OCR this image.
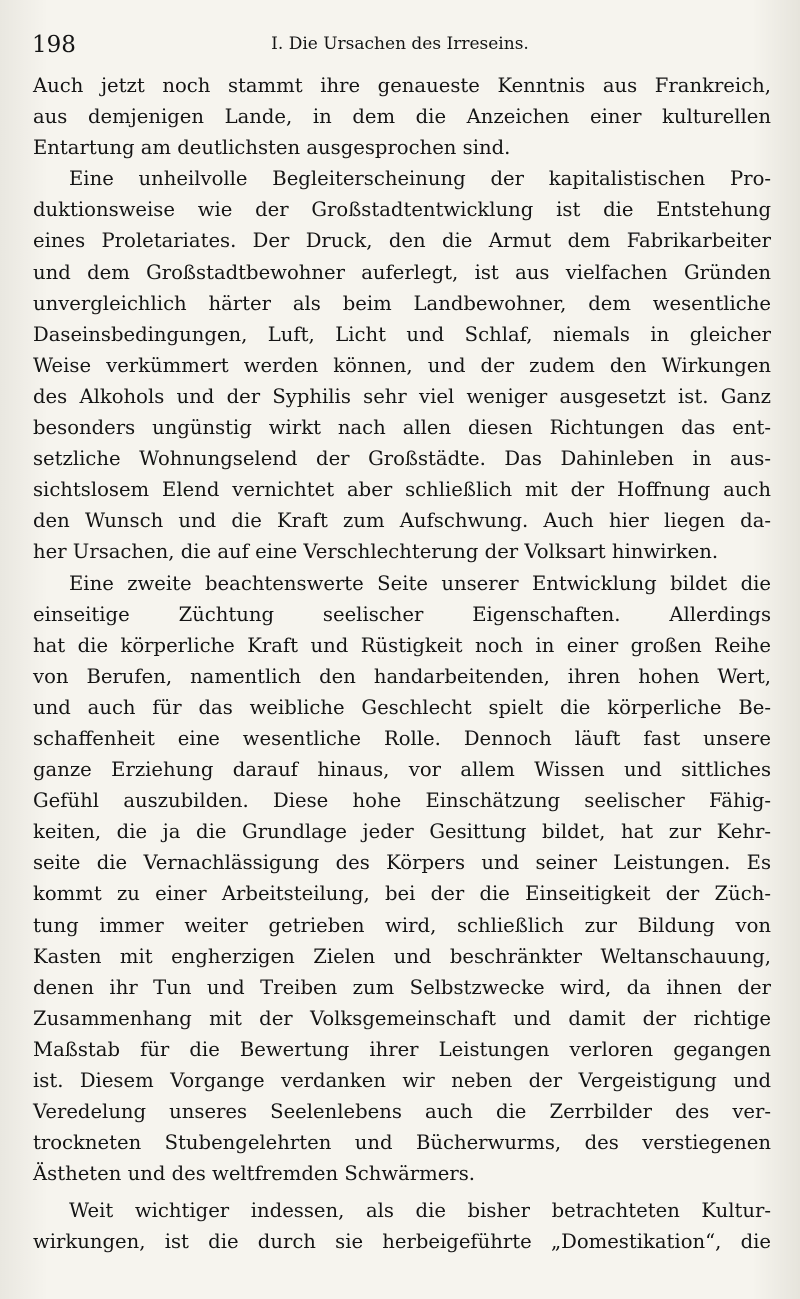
198	I. Die Ursachen des Irreseins.
Auch jetzt noch stammt ihre genaueste Kenntnis aus Frankreich,
aus demjenigen Lande, in dem die Anzeichen einer kulturellen
Entartung am deutlichsten ausgesprochen sind.
Eine unheilvolle Begleiterscheinung der kapitalistischen Pro-
duktionsweise wie der Großstadtentwicklung ist die Entstehung
eines Proletariates. Der Druck, den die Armut dem Fabrikarbeiter
und dem Großstadtbewohner auferlegt, ist aus vielfachen Gründen
unvergleichlich härter als beim Landbewohner, dem wesentliche
Daseinsbedingungen, Luft, Licht und Schlaf, niemals in gleicher
Weise verkümmert werden können, und der zudem den Wirkungen
des Alkohols und der Syphilis sehr viel weniger ausgesetzt ist. Ganz
besonders ungünstig wirkt nach allen diesen Richtungen das ent-
setzliche Wohnungselend der Großstädte. Das Dahinleben in aus-
sichtslosem Elend vernichtet aber schließlich mit der Hoffnung auch
den Wunsch und die Kraft zum Aufschwung. Auch hier liegen da-
her Ursachen, die auf eine Verschlechterung der Volksart hinwirken.
Eine zweite beachtenswerte Seite unserer Entwicklung bildet die
einseitige Züchtung seelischer Eigenschaften. Allerdings
hat die körperliche Kraft und Rüstigkeit noch in einer großen Reihe
von Berufen, namentlich den handarbeitenden, ihren hohen Wert,
und auch für das weibliche Geschlecht spielt die körperliche Be-
schaffenheit eine wesentliche Rolle. Dennoch läuft fast unsere
ganze Erziehung darauf hinaus, vor allem Wissen und sittliches
Gefühl auszubilden. Diese hohe Einschätzung seelischer Fähig-
keiten, die ja die Grundlage jeder Gesittung bildet, hat zur Kehr-
seite die Vernachlässigung des Körpers und seiner Leistungen. Es
kommt zu einer Arbeitsteilung, bei der die Einseitigkeit der Züch-
tung immer weiter getrieben wird, schließlich zur Bildung von
Kasten mit engherzigen Zielen und beschränkter Weltanschauung,
denen ihr Tun und Treiben zum Selbstzwecke wird, da ihnen der
Zusammenhang mit der Volksgemeinschaft und damit der richtige
Maßstab für die Bewertung ihrer Leistungen verloren gegangen
ist. Diesem Vorgange verdanken wir neben der Vergeistigung und
Veredelung unseres Seelenlebens auch die Zerrbilder des ver-
trockneten Stubengelehrten und Bücherwurms, des verstiegenen
Ästheten und des weltfremden Schwärmers.
Weit wichtiger indessen, als die bisher betrachteten Kultur-
wirkungen, ist die durch sie herbeigeführte „Domestikation“, die
